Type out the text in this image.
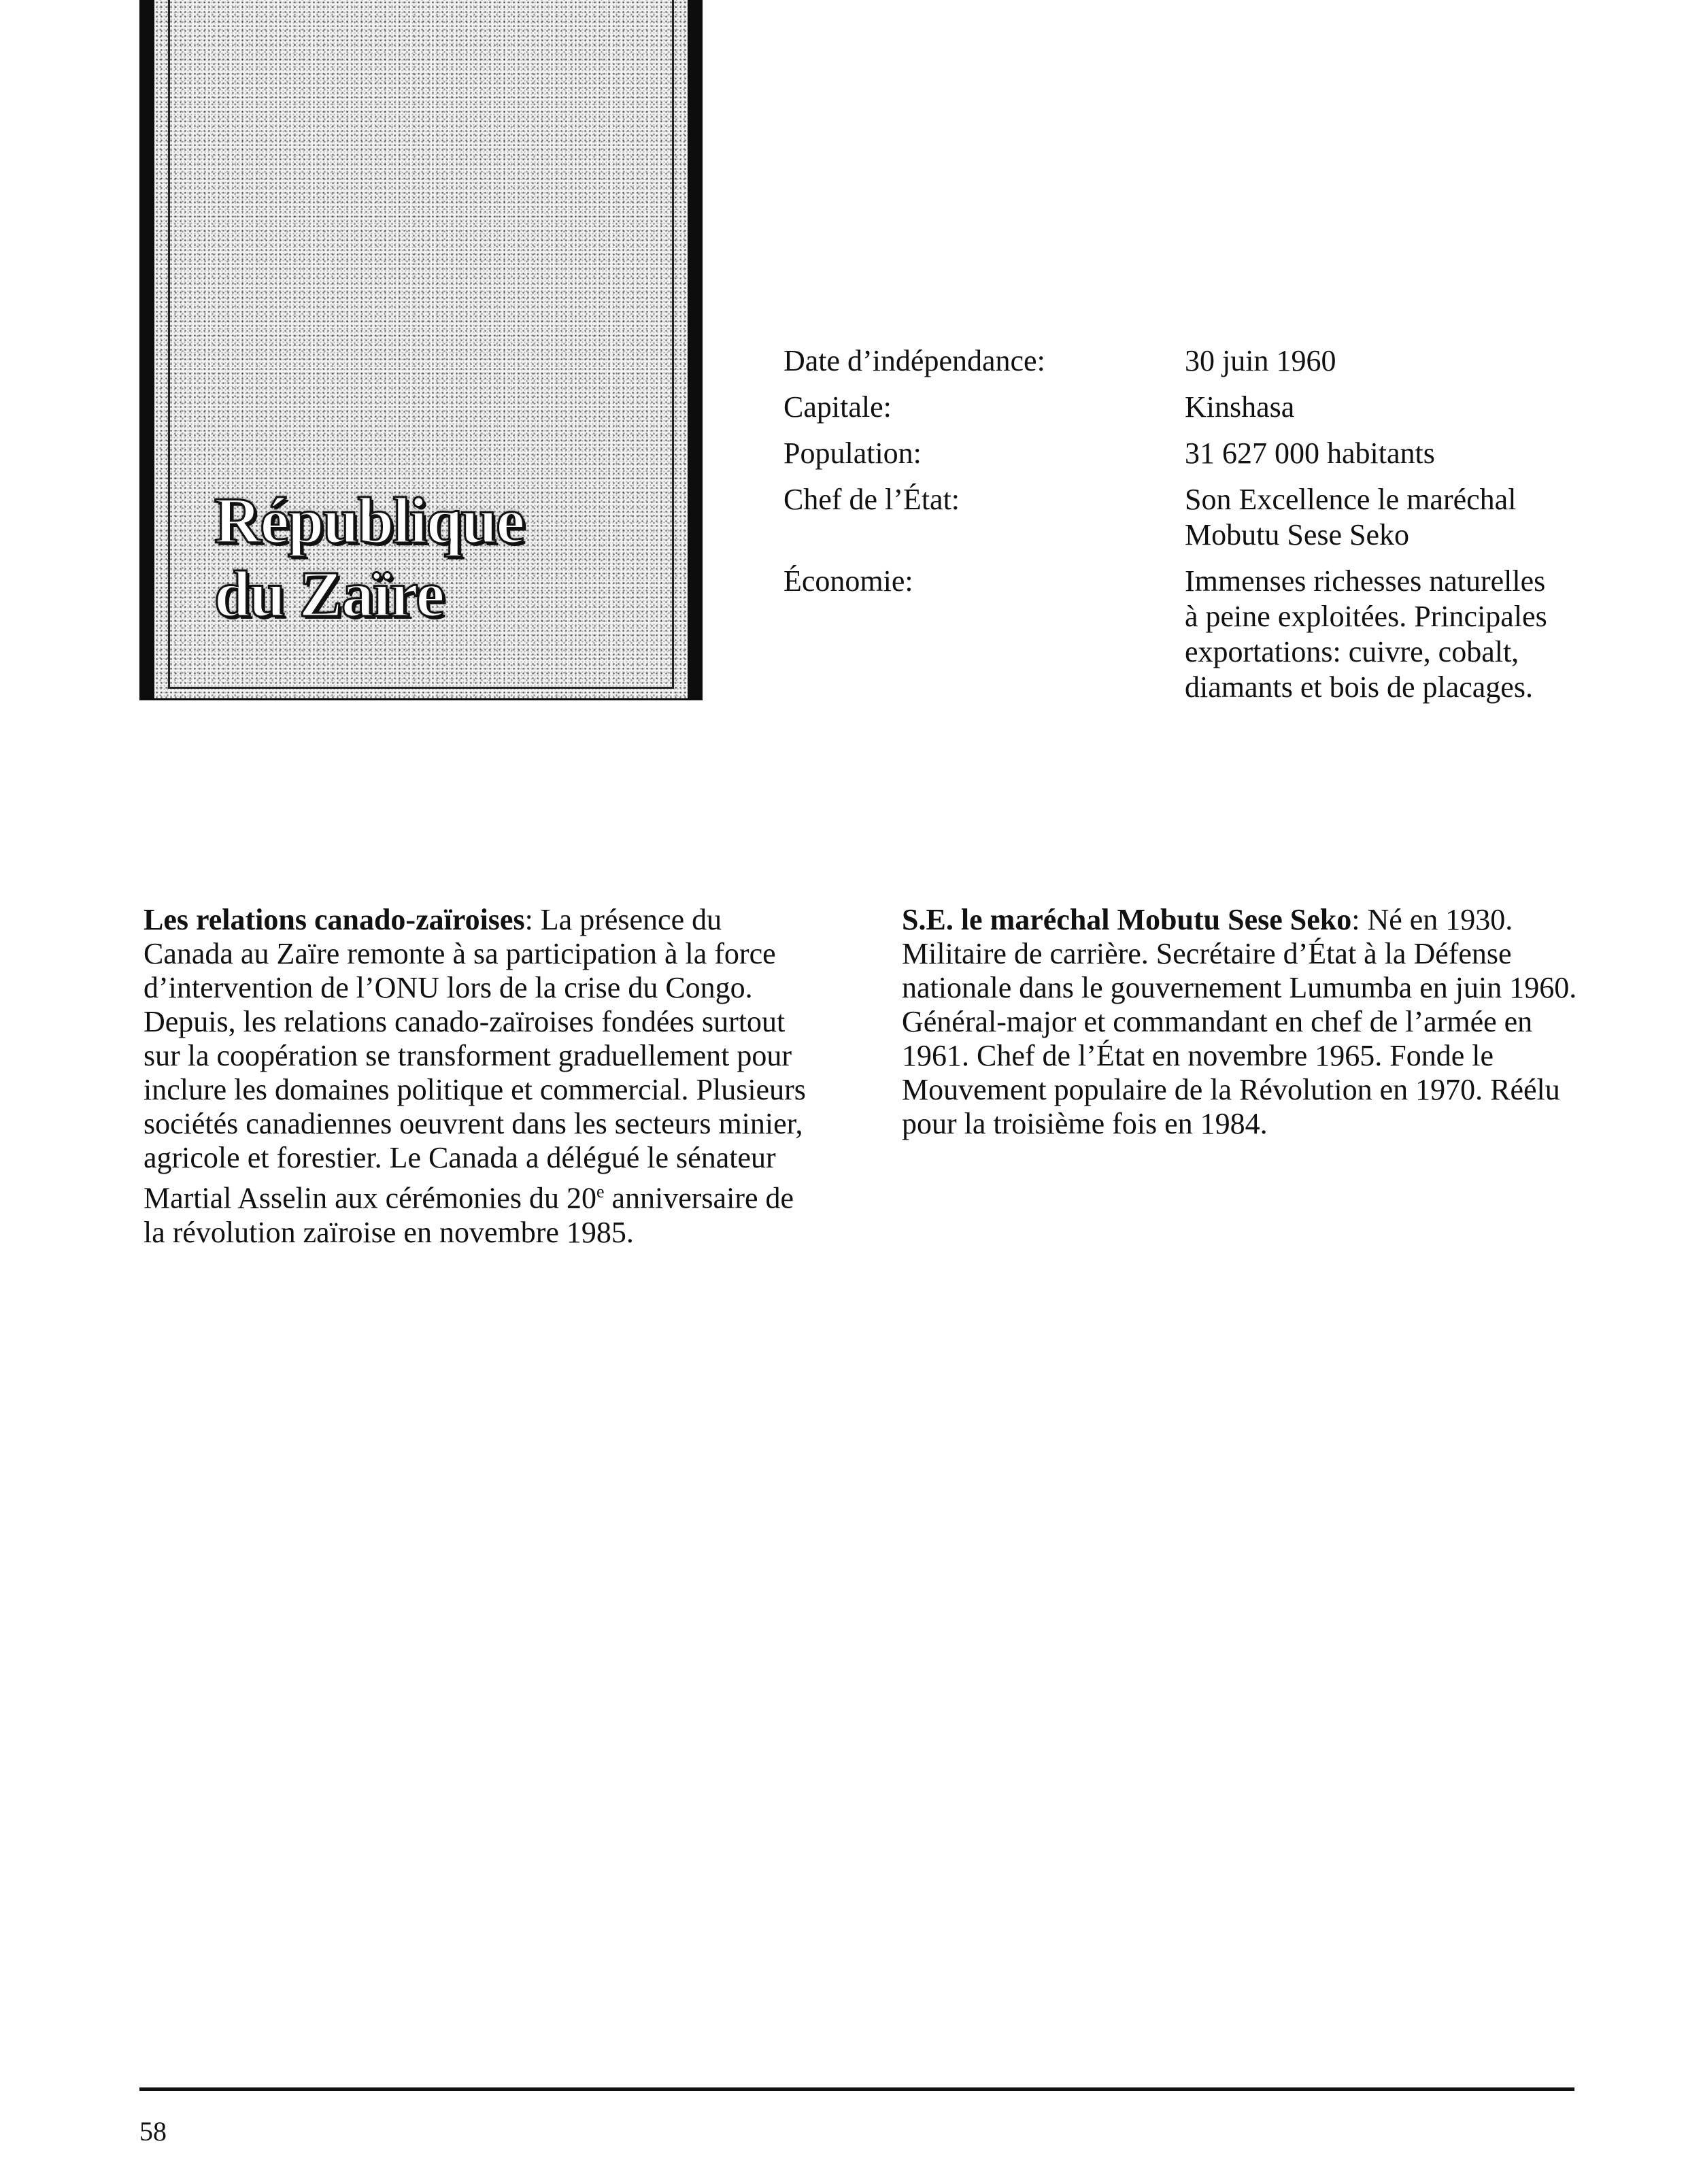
République
du Zaïre
Date d’indépendance:	30 juin 1960
Capitale:	Kinshasa
Population:	31 627 000 habitants
Chef de l’État:	Son Excellence le maréchal
Mobutu Sese Seko
Économie:	Immenses richesses naturelles
à peine exploitées. Principales
exportations: cuivre, cobalt,
diamants et bois de placages.

Les relations canado-zaïroises: La présence du Canada au Zaïre remonte à sa participation à la force d’intervention de l’ONU lors de la crise du Congo. Depuis, les relations canado-zaïroises fondées surtout sur la coopération se transforment graduellement pour inclure les domaines politique et commercial. Plusieurs sociétés canadiennes oeuvrent dans les secteurs minier, agricole et forestier. Le Canada a délégué le sénateur Martial Asselin aux cérémonies du 20e anniversaire de la révolution zaïroise en novembre 1985.

S.E. le maréchal Mobutu Sese Seko: Né en 1930. Militaire de carrière. Secrétaire d’État à la Défense nationale dans le gouvernement Lumumba en juin 1960. Général-major et commandant en chef de l’armée en 1961. Chef de l’État en novembre 1965. Fonde le Mouvement populaire de la Révolution en 1970. Réélu pour la troisième fois en 1984.

58
